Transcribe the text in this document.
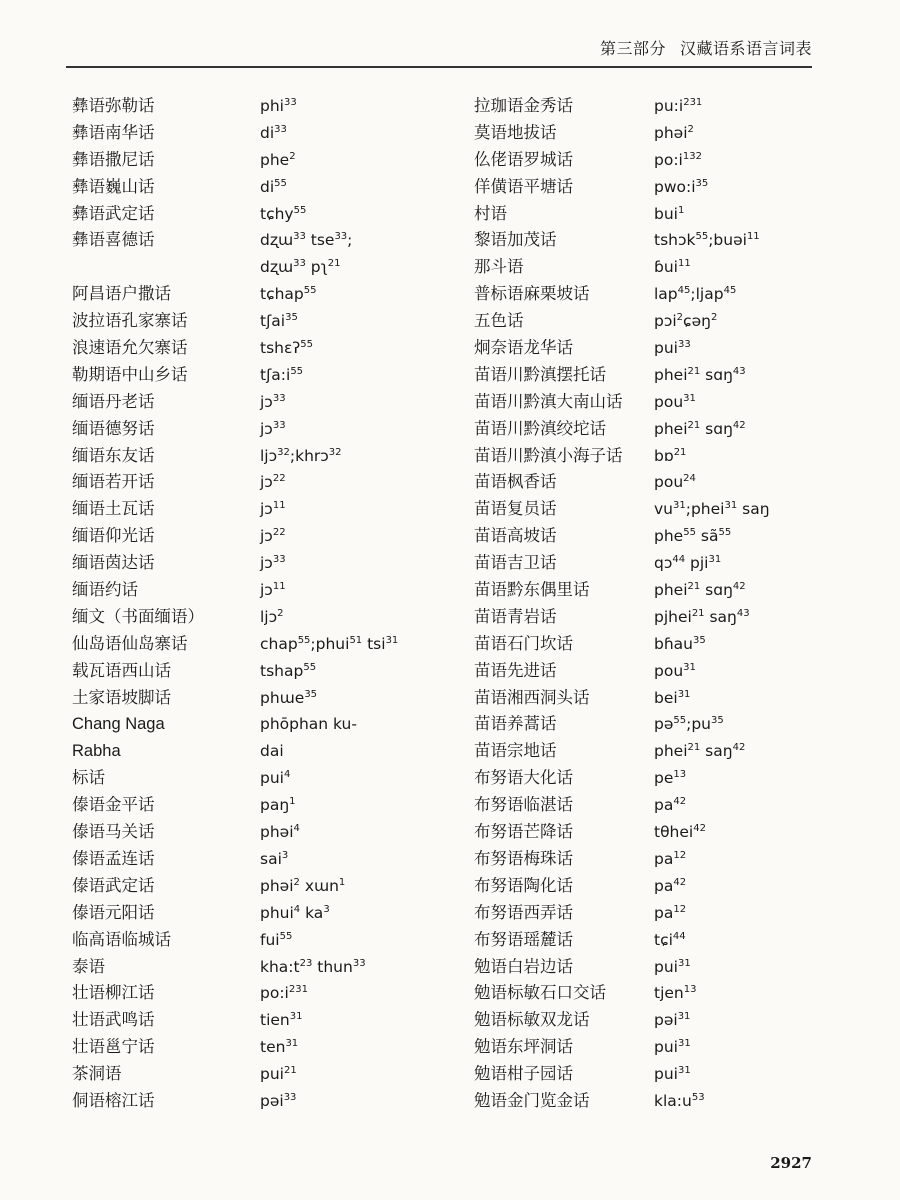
第三部分 汉藏语系语言词表
彝语弥勒话	phi$^{33}$
彝语南华话	$di^{33}$
彝语撒尼话	phe$^2$
彝语巍山话	$di^{55}$
彝语武定话	tɕhy$^{55}$
彝语喜德话	dʐɯ$^{33}$ tse$^{33}$;
dʐɯ$^{33}$ pʅ$^{21}$
阿昌语户撒话	tɕhap$^{55}$
波拉语孔家寨话	tʃai$^{35}$
浪速语允欠寨话	tshɛʔ$^{55}$
勒期语中山乡话	$tʃa:i^{55}$
缅语丹老话	jɔ$^{33}$
缅语德努话	jɔ$^{33}$
缅语东友话	ljɔ$^{32}$;khrɔ$^{32}$
缅语若开话	jɔ$^{22}$
缅语土瓦话	jɔ$^{11}$
缅语仰光话	jɔ$^{22}$
缅语茵达话	jɔ$^{33}$
缅语约话	jɔ$^{11}$
缅文（书面缅语）	ljɔ$^2$
仙岛语仙岛寨话	chap$^{55}$;phui$^{51}$ tsi$^{31}$
载瓦语西山话	tshap$^{55}$
土家语坡脚话	phɯe$^{35}$
Chang Naga	phōphan ku-
Rabha	dai
标话	pui$^4$
傣语金平话	paŋ$^1$
傣语马关话	phəi$^4$
傣语孟连话	sai$^3$
傣语武定话	phəi$^2$ xɯn$^1$
傣语元阳话	phui$^4$ $ka^3$
临高语临城话	fui$^{55}$
泰语	$kha:t^{23}$ thun$^{33}$
壮语柳江话	$po:i^{231}$
壮语武鸣话	tien$^{31}$
壮语邕宁话	ten$^{31}$
茶洞语	pui$^{21}$
侗语榕江话	pəi$^{33}$
拉珈语金秀话	$pu:i^{231}$
莫语地拔话	phəi$^2$
仫佬语罗城话	$po:i^{132}$
佯僙语平塘话	$pwo:i^{35}$
村语	bui$^1$
黎语加茂话	tshɔk$^{55}$;buəi$^{11}$
那斗语	ɓui$^{11}$
普标语麻栗坡话	lap$^{45}$;ljap$^{45}$
五色话	pɔi$^2$ɕəŋ$^2$
炯奈语龙华话	pui$^{33}$
苗语川黔滇摆托话	phei$^{21}$ sɑŋ$^{43}$
苗语川黔滇大南山话 pou$^{31}$
苗语川黔滇绞坨话	phei$^{21}$ sɑŋ$^{42}$
苗语川黔滇小海子话 bɒ$^{21}$
苗语枫香话	pou$^{24}$
苗语复员话	$vu^{31};phei^{31}$ saŋ
苗语高坡话	phe$^{55}$ $sã^{55}$
苗语吉卫话	qɔ$^{44}$ pji$^{31}$
苗语黔东偶里话	phei$^{21}$ sɑŋ$^{42}$
苗语青岩话	pjhei$^{21}$ saŋ$^{43}$
苗语石门坎话	bɦau$^{35}$
苗语先进话	pou$^{31}$
苗语湘西洞头话	bei$^{31}$
苗语养蒿话	$pə^{55};pu^{35}$
苗语宗地话	phei$^{21}$ saŋ$^{42}$
布努语大化话	$pe^{13}$
布努语临湛话	$pa^{42}$
布努语芒降话	tθhei$^{42}$
布努语梅珠话	$pa^{12}$
布努语陶化话	$pa^{42}$
布努语西弄话	$pa^{12}$
布努语瑶麓话	tɕi$^{44}$
勉语白岩边话	pui$^{31}$
勉语标敏石口交话	tjen$^{13}$
勉语标敏双龙话	pəi$^{31}$
勉语东坪洞话	pui$^{31}$
勉语柑子园话	pui$^{31}$
勉语金门览金话	$kla:u^{53}$
2927
